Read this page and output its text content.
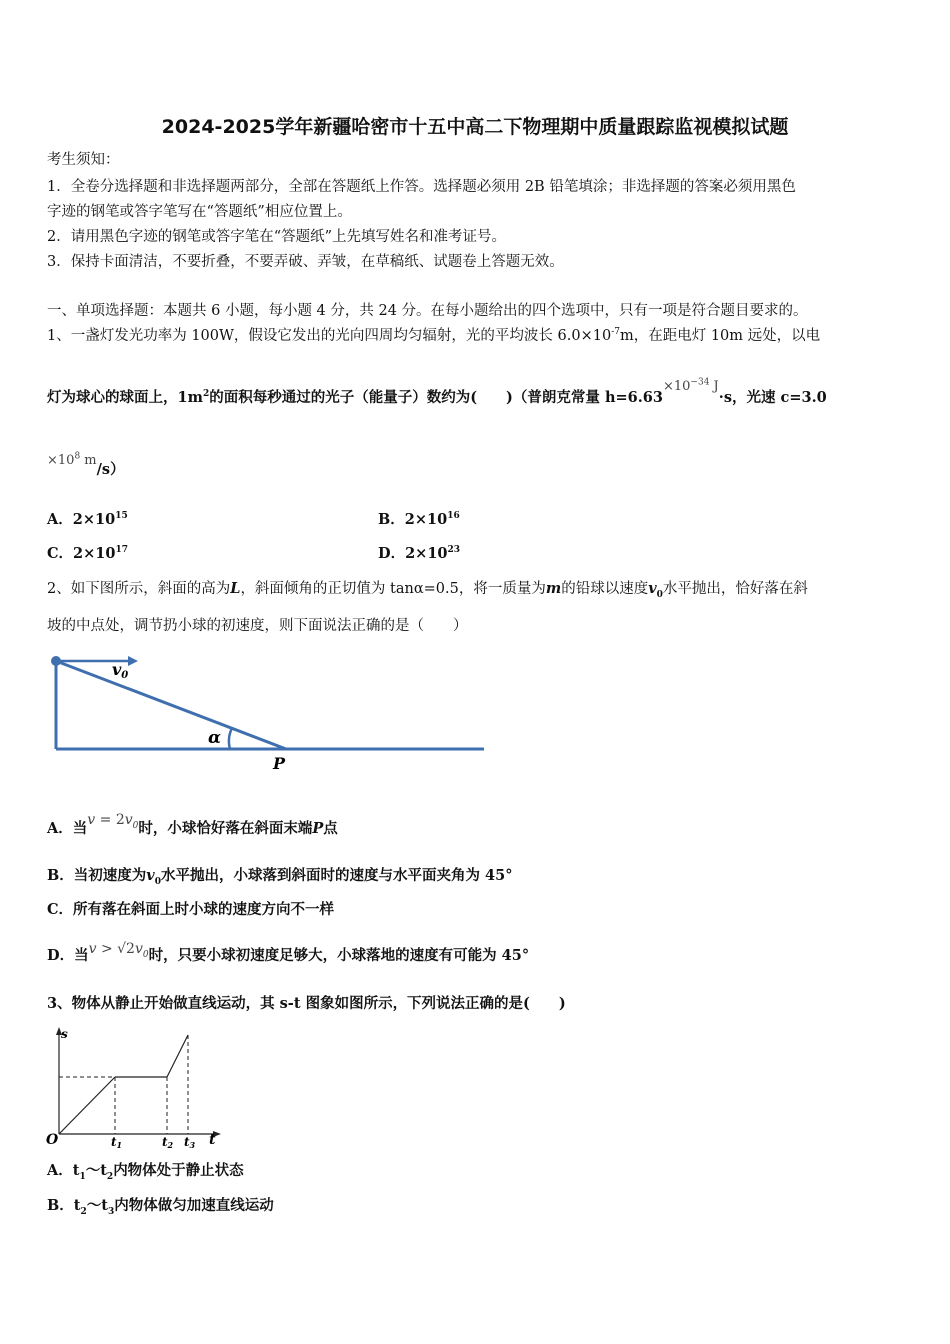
2024-2025学年新疆哈密市十五中高二下物理期中质量跟踪监视模拟试题
考生须知：
1．全卷分选择题和非选择题两部分，全部在答题纸上作答。选择题必须用 2B 铅笔填涂；非选择题的答案必须用黑色
字迹的钢笔或答字笔写在“答题纸”相应位置上。
2．请用黑色字迹的钢笔或答字笔在“答题纸”上先填写姓名和准考证号。
3．保持卡面清洁，不要折叠，不要弄破、弄皱，在草稿纸、试题卷上答题无效。
一、单项选择题：本题共 6 小题，每小题 4 分，共 24 分。在每小题给出的四个选项中，只有一项是符合题目要求的。
1、一盏灯发光功率为 100W，假设它发出的光向四周均匀辐射，光的平均波长 $6.0\times 10^{-7}m$，在距电灯 10m 远处，以电
灯为球心的球面上，$1m^2$的面积每秒通过的光子（能量子）数约为(　　)（普朗克常量 $h=6.63\times 10^{-34}$ J·s，光速 c=3.0
$\times 10^8$ m/s）
A．$2\times 10^{15}$	B．$2\times 10^{16}$
C．$2\times 10^{17}$	D．$2\times 10^{23}$
2、如下图所示，斜面的高为L，斜面倾角的正切值为 tanα=0.5，将一质量为m的铅球以速度$v_0$水平抛出，恰好落在斜
坡的中点处，调节扔小球的初速度，则下面说法正确的是（　　）
v0
α
P
A．当$v = 2v_0$时，小球恰好落在斜面末端P点
B．当初速度为$v_0$水平抛出，小球落到斜面时的速度与水平面夹角为 45°
C．所有落在斜面上时小球的速度方向不一样
D．当$v > √2v_0$时，只要小球初速度足够大，小球落地的速度有可能为 45°
3、物体从静止开始做直线运动，其 s-t 图象如图所示，下列说法正确的是(　　)
s
O	t
t1	t2 t3
A．$t_1\sim t_2$内物体处于静止状态
B．$t_2\sim t_3$内物体做匀加速直线运动
